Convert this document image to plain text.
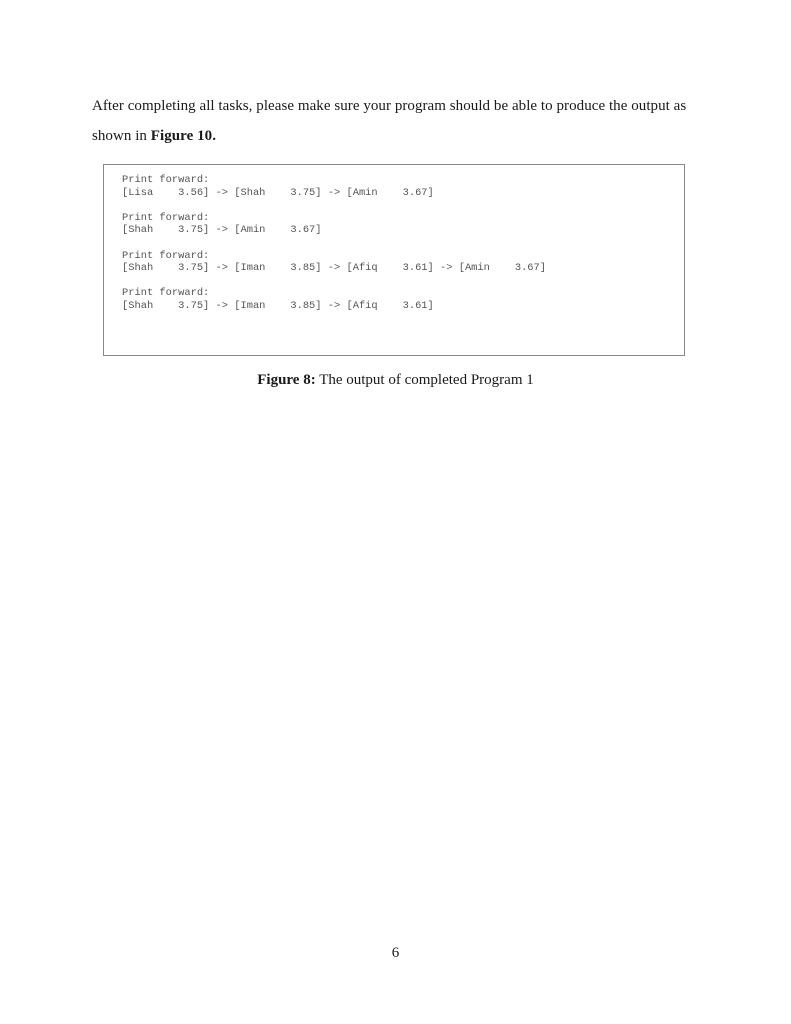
After completing all tasks, please make sure your program should be able to produce the output as shown in Figure 10.

Print forward:
[Lisa    3.56] -> [Shah    3.75] -> [Amin    3.67]
Print forward:
[Shah    3.75] -> [Amin    3.67]
Print forward:
[Shah    3.75] -> [Iman    3.85] -> [Afiq    3.61] -> [Amin    3.67]
Print forward:
[Shah    3.75] -> [Iman    3.85] -> [Afiq    3.61]

Figure 8: The output of completed Program 1

6
